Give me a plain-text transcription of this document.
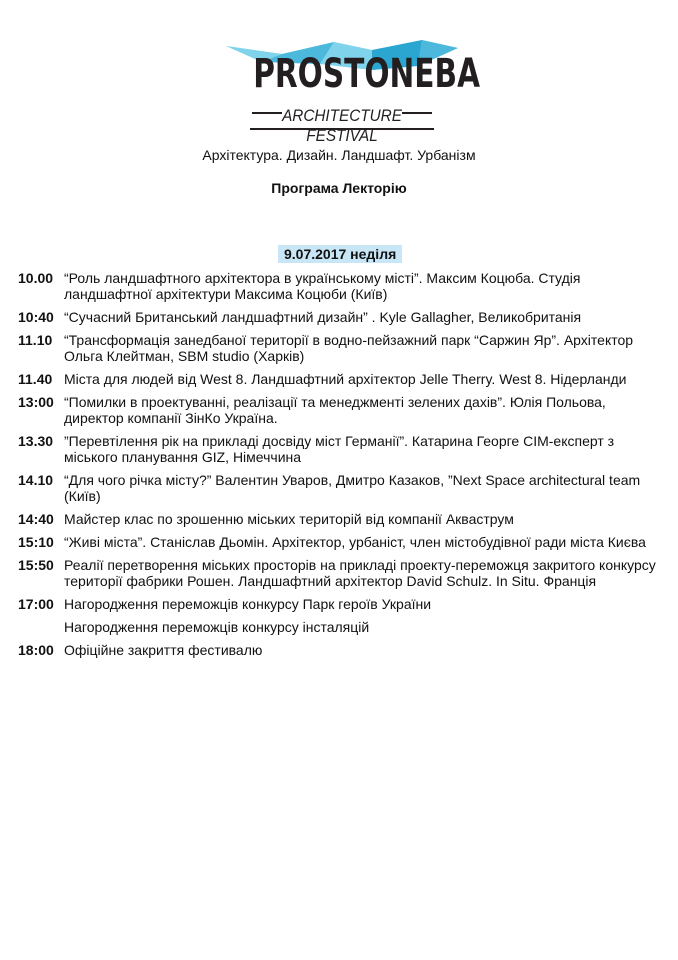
PROSTONEBA
ARCHITECTURE FESTIVAL
Архітектура. Дизайн. Ландшафт. Урбанізм
Програма Лекторію
9.07.2017 неділя
10.00 “Роль ландшафтного архітектора в українському місті”. Максим Коцюба. Студія ландшафтної архітектури Максима Коцюби (Київ)
10:40 “Сучасний Британський ландшафтний дизайн” . Kyle Gallagher, Великобританія
11.10 “Трансформація занедбаної території в водно-пейзажний парк “Саржин Яр”. Архітектор Ольга Клейтман, SBM studio (Харків)
11.40 Міста для людей від West 8. Ландшафтний архітектор Jelle Therry. West 8. Нідерланди
13:00 “Помилки в проектуванні, реалізації та менеджменті зелених дахів”. Юлія Польова, директор компанії ЗінКо Україна.
13.30 ”Перевтілення рік на прикладі досвіду міст Германії”. Катарина Георге CIM-експерт з міського планування GIZ, Німеччина
14.10 “Для чого річка місту?” Валентин Уваров, Дмитро Казаков, ”Next Space architectural team (Київ)
14:40 Майстер клас по зрошенню міських територій від компанії Акваструм
15:10 “Живі міста”. Станіслав Дьомін. Архітектор, урбаніст, член містобудівної ради міста Києва
15:50 Реалії перетворення міських просторів на прикладі проекту-переможця закритого конкурсу території фабрики Рошен. Ландшафтний архітектор David Schulz. In Situ. Франція
17:00 Нагородження переможців конкурсу Парк героїв України
Нагородження переможців конкурсу інсталяцій
18:00 Офіційне закриття фестивалю
